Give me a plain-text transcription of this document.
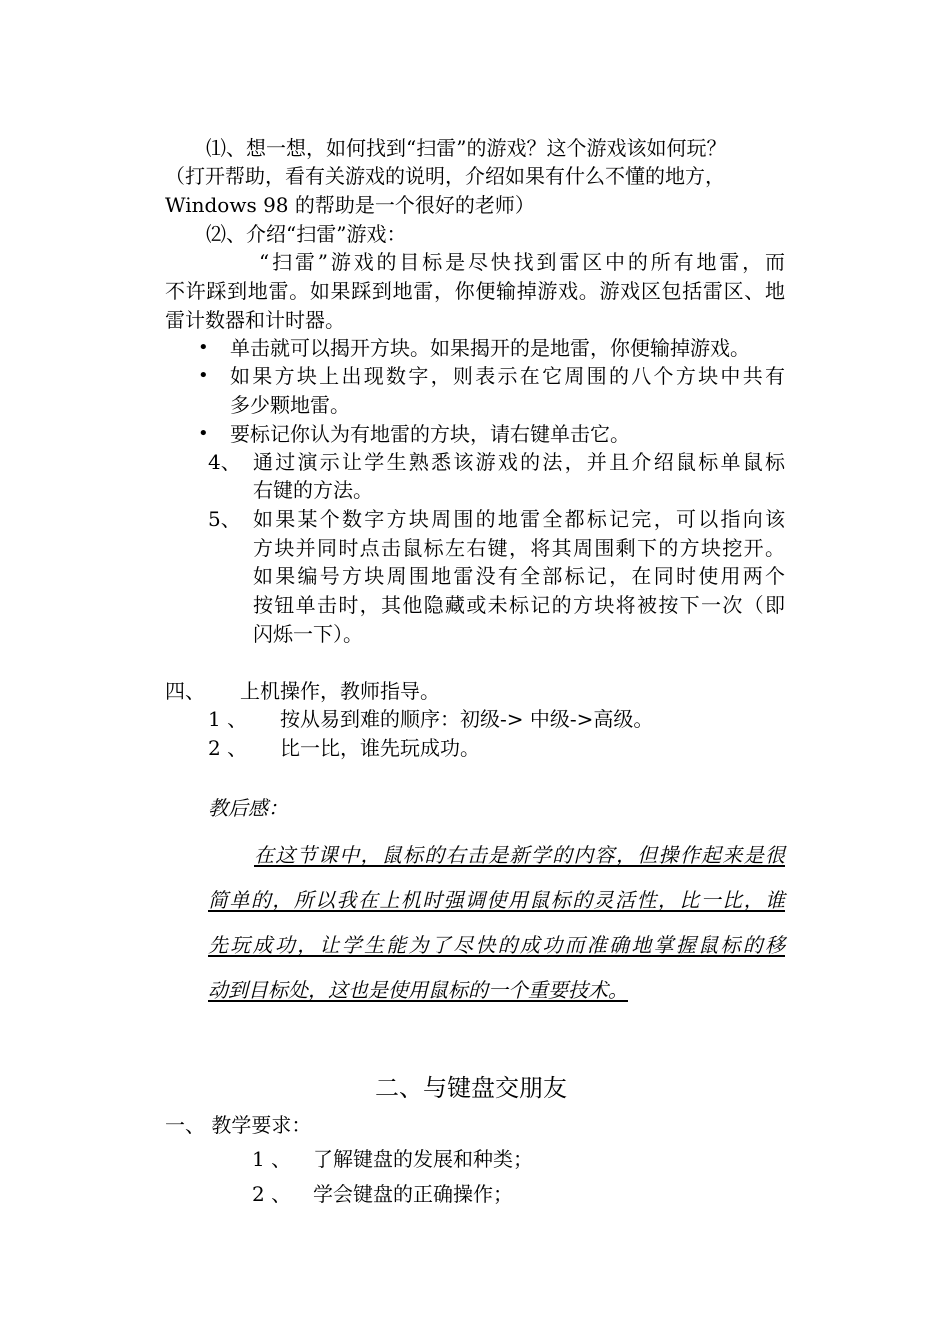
⑴、想一想，如何找到“扫雷”的游戏？这个游戏该如何玩？
（打开帮助，看有关游戏的说明，介绍如果有什么不懂的地方，
Windows 98 的帮助是一个很好的老师）
⑵、介绍“扫雷”游戏：
“扫雷”游戏的目标是尽快找到雷区中的所有地雷，而
不许踩到地雷。如果踩到地雷，你便输掉游戏。游戏区包括雷区、地
雷计数器和计时器。
• 单击就可以揭开方块。如果揭开的是地雷，你便输掉游戏。
• 如果方块上出现数字，则表示在它周围的八个方块中共有
多少颗地雷。
• 要标记你认为有地雷的方块，请右键单击它。
4、 通过演示让学生熟悉该游戏的法，并且介绍鼠标单鼠标
右键的方法。
5、 如果某个数字方块周围的地雷全都标记完，可以指向该
方块并同时点击鼠标左右键，将其周围剩下的方块挖开。
如果编号方块周围地雷没有全部标记，在同时使用两个
按钮单击时，其他隐藏或未标记的方块将被按下一次（即
闪烁一下）。
四、 上机操作，教师指导。
1 、 按从易到难的顺序：初级-> 中级->高级。
2 、 比一比，谁先玩成功。
教后感：
在这节课中，鼠标的右击是新学的内容，但操作起来是很
简单的，所以我在上机时强调使用鼠标的灵活性，比一比，谁
先玩成功，让学生能为了尽快的成功而准确地掌握鼠标的移
动到目标处，这也是使用鼠标的一个重要技术。
二、与键盘交朋友
一、 教学要求：
1 、 了解键盘的发展和种类；
2 、 学会键盘的正确操作；
